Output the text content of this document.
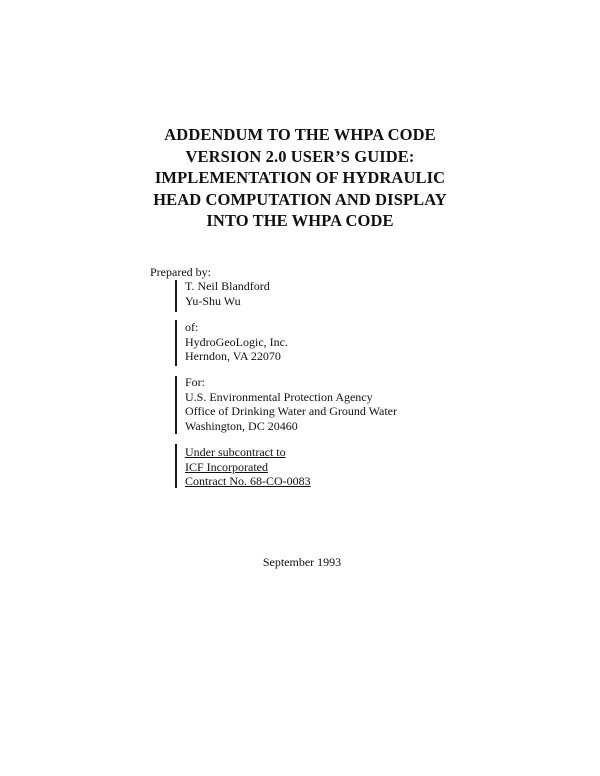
ADDENDUM TO THE WHPA CODE
VERSION 2.0 USER’S GUIDE:
IMPLEMENTATION OF HYDRAULIC
HEAD COMPUTATION AND DISPLAY
INTO THE WHPA CODE
Prepared by:
T. Neil Blandford
Yu-Shu Wu
of:
HydroGeoLogic, Inc.
Herndon, VA 22070
For:
U.S. Environmental Protection Agency
Office of Drinking Water and Ground Water
Washington, DC 20460
Under subcontract to
ICF Incorporated
Contract No. 68-CO-0083
September 1993
